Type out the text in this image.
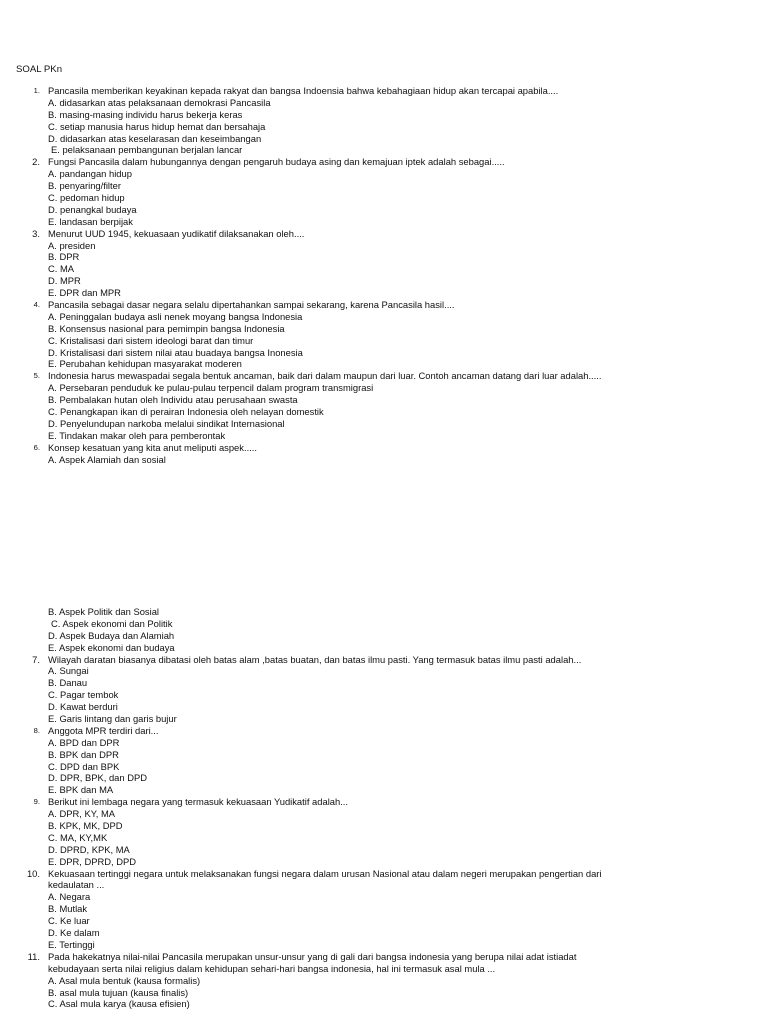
SOAL PKn
1. Pancasila memberikan keyakinan kepada rakyat dan bangsa Indoensia bahwa kebahagiaan hidup akan tercapai apabila....
A. didasarkan atas pelaksanaan demokrasi Pancasila
B. masing-masing individu harus bekerja keras
C. setiap manusia harus hidup hemat dan bersahaja
D. didasarkan atas keselarasan dan keseimbangan
E. pelaksanaan pembangunan berjalan lancar
2. Fungsi Pancasila dalam hubungannya dengan pengaruh budaya asing dan kemajuan iptek adalah sebagai.....
A. pandangan hidup
B. penyaring/filter
C. pedoman hidup
D. penangkal budaya
E. landasan berpijak
3. Menurut UUD 1945, kekuasaan yudikatif dilaksanakan oleh....
A. presiden
B. DPR
C. MA
D. MPR
E. DPR dan MPR
4. Pancasila sebagai dasar negara selalu dipertahankan sampai sekarang, karena Pancasila hasil....
A. Peninggalan budaya asli nenek moyang bangsa Indonesia
B. Konsensus nasional para pemimpin bangsa Indonesia
C. Kristalisasi dari sistem ideologi barat dan timur
D. Kristalisasi dari sistem nilai atau buadaya bangsa Inonesia
E. Perubahan kehidupan masyarakat moderen
5. Indonesia harus mewaspadai segala bentuk ancaman, baik dari dalam maupun dari luar. Contoh ancaman datang dari luar adalah.....
A. Persebaran penduduk ke pulau-pulau terpencil dalam program transmigrasi
B. Pembalakan hutan oleh Individu atau perusahaan swasta
C. Penangkapan ikan di perairan Indonesia oleh nelayan domestik
D. Penyelundupan narkoba melalui sindikat Internasional
E. Tindakan makar oleh para pemberontak
6. Konsep kesatuan yang kita anut meliputi aspek.....
A. Aspek Alamiah dan sosial
B. Aspek Politik dan Sosial
C. Aspek ekonomi dan Politik
D. Aspek Budaya dan Alamiah
E. Aspek ekonomi dan budaya
7. Wilayah daratan biasanya dibatasi oleh batas alam ,batas buatan, dan batas ilmu pasti. Yang termasuk batas ilmu pasti adalah...
A. Sungai
B. Danau
C. Pagar tembok
D. Kawat berduri
E. Garis lintang dan garis bujur
8. Anggota MPR terdiri dari...
A. BPD dan DPR
B. BPK dan DPR
C. DPD dan BPK
D. DPR, BPK, dan DPD
E. BPK dan MA
9. Berikut ini lembaga negara yang termasuk kekuasaan Yudikatif adalah...
A. DPR, KY, MA
B. KPK, MK, DPD
C. MA, KY,MK
D. DPRD, KPK, MA
E. DPR, DPRD, DPD
10. Kekuasaan tertinggi negara untuk melaksanakan fungsi negara dalam urusan Nasional atau dalam negeri merupakan pengertian dari
kedaulatan ...
A. Negara
B. Mutlak
C. Ke luar
D. Ke dalam
E. Tertinggi
11. Pada hakekatnya nilai-nilai Pancasila merupakan unsur-unsur yang di gali dari bangsa indonesia yang berupa nilai adat istiadat
kebudayaan serta nilai religius dalam kehidupan sehari-hari bangsa indonesia, hal ini termasuk asal mula ...
A. Asal mula bentuk (kausa formalis)
B. asal mula tujuan (kausa finalis)
C. Asal mula karya (kausa efisien)
